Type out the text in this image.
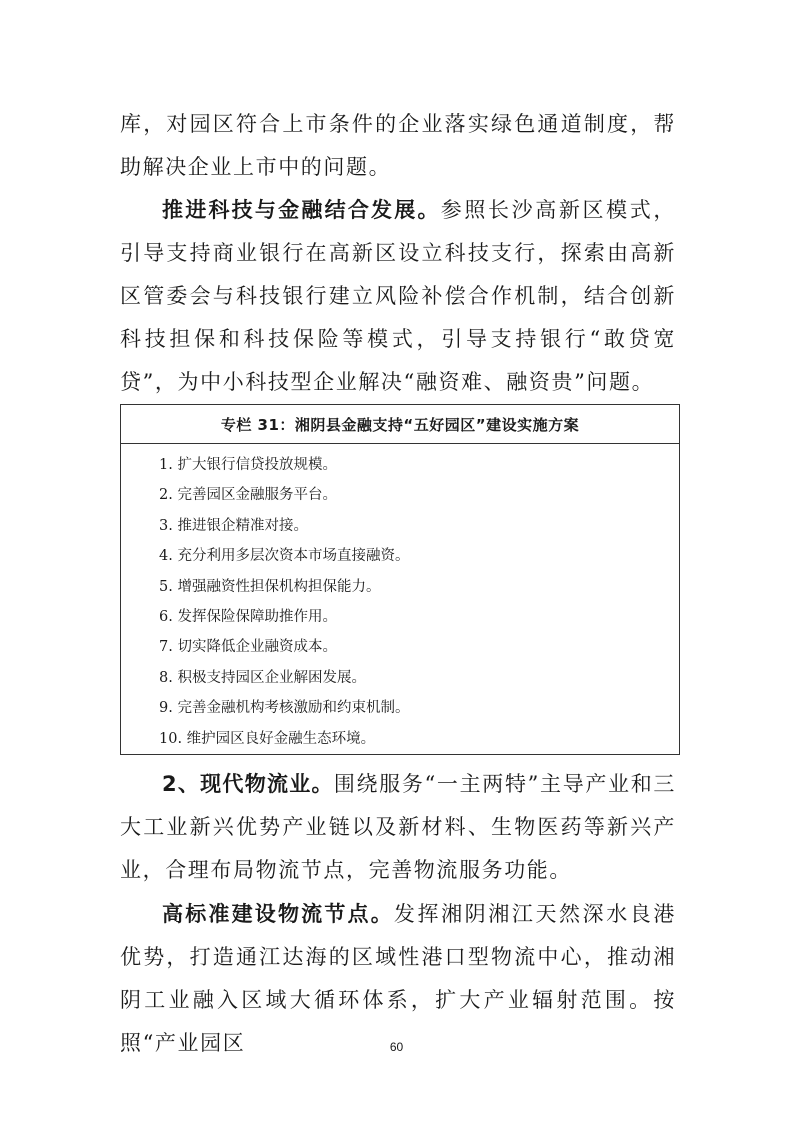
库，对园区符合上市条件的企业落实绿色通道制度，帮助解决企业上市中的问题。

推进科技与金融结合发展。参照长沙高新区模式，引导支持商业银行在高新区设立科技支行，探索由高新区管委会与科技银行建立风险补偿合作机制，结合创新科技担保和科技保险等模式，引导支持银行“敢贷宽贷”，为中小科技型企业解决“融资难、融资贵”问题。

专栏 31：湘阴县金融支持“五好园区”建设实施方案
1. 扩大银行信贷投放规模。
2. 完善园区金融服务平台。
3. 推进银企精准对接。
4. 充分利用多层次资本市场直接融资。
5. 增强融资性担保机构担保能力。
6. 发挥保险保障助推作用。
7. 切实降低企业融资成本。
8. 积极支持园区企业解困发展。
9. 完善金融机构考核激励和约束机制。
10. 维护园区良好金融生态环境。

2、现代物流业。围绕服务“一主两特”主导产业和三大工业新兴优势产业链以及新材料、生物医药等新兴产业，合理布局物流节点，完善物流服务功能。

高标准建设物流节点。发挥湘阴湘江天然深水良港优势，打造通江达海的区域性港口型物流中心，推动湘阴工业融入区域大循环体系，扩大产业辐射范围。按照“产业园区	60
